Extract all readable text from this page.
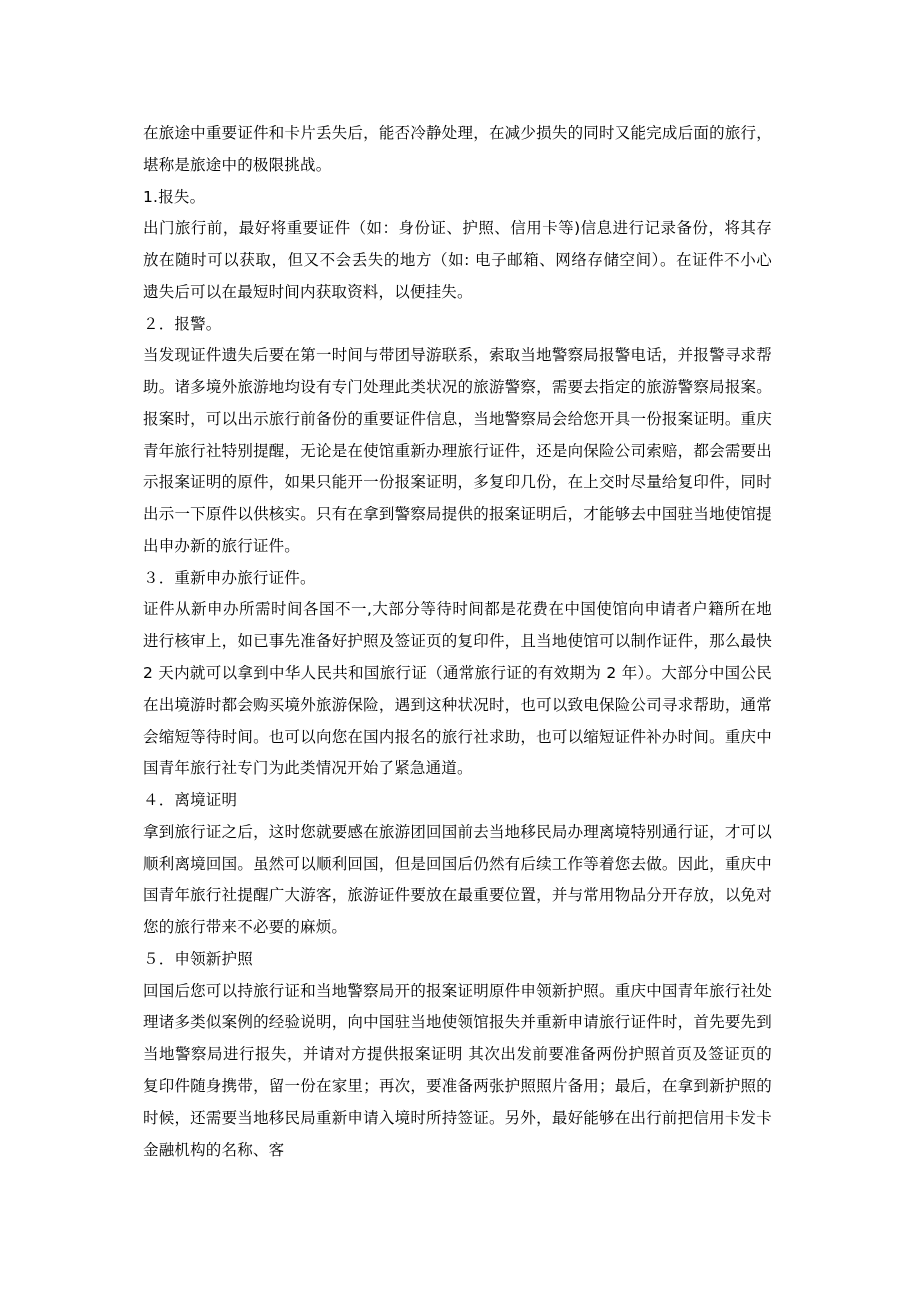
在旅途中重要证件和卡片丢失后，能否冷静处理，在减少损失的同时又能完成后面的旅行，堪称是旅途中的极限挑战。

1.报失。

出门旅行前，最好将重要证件（如：身份证、护照、信用卡等)信息进行记录备份，将其存放在随时可以获取，但又不会丢失的地方（如: 电子邮箱、网络存储空间）。在证件不小心遗失后可以在最短时间内获取资料，以便挂失。

２．报警。

当发现证件遗失后要在第一时间与带团导游联系，索取当地警察局报警电话，并报警寻求帮助。诸多境外旅游地均设有专门处理此类状况的旅游警察，需要去指定的旅游警察局报案。报案时，可以出示旅行前备份的重要证件信息，当地警察局会给您开具一份报案证明。重庆青年旅行社特别提醒，无论是在使馆重新办理旅行证件，还是向保险公司索赔，都会需要出示报案证明的原件，如果只能开一份报案证明，多复印几份，在上交时尽量给复印件，同时出示一下原件以供核实。只有在拿到警察局提供的报案证明后，才能够去中国驻当地使馆提出申办新的旅行证件。

３．重新申办旅行证件。

证件从新申办所需时间各国不一,大部分等待时间都是花费在中国使馆向申请者户籍所在地进行核审上，如已事先准备好护照及签证页的复印件，且当地使馆可以制作证件，那么最快 2 天内就可以拿到中华人民共和国旅行证（通常旅行证的有效期为 2 年）。大部分中国公民在出境游时都会购买境外旅游保险，遇到这种状况时，也可以致电保险公司寻求帮助，通常会缩短等待时间。也可以向您在国内报名的旅行社求助，也可以缩短证件补办时间。重庆中国青年旅行社专门为此类情况开始了紧急通道。

４．离境证明

拿到旅行证之后，这时您就要感在旅游团回国前去当地移民局办理离境特别通行证，才可以顺利离境回国。虽然可以顺利回国，但是回国后仍然有后续工作等着您去做。因此，重庆中国青年旅行社提醒广大游客，旅游证件要放在最重要位置，并与常用物品分开存放，以免对您的旅行带来不必要的麻烦。

５．申领新护照

回国后您可以持旅行证和当地警察局开的报案证明原件申领新护照。重庆中国青年旅行社处理诸多类似案例的经验说明，向中国驻当地使领馆报失并重新申请旅行证件时，首先要先到当地警察局进行报失，并请对方提供报案证明 其次出发前要准备两份护照首页及签证页的复印件随身携带，留一份在家里；再次，要准备两张护照照片备用；最后，在拿到新护照的时候，还需要当地移民局重新申请入境时所持签证。另外，最好能够在出行前把信用卡发卡金融机构的名称、客
